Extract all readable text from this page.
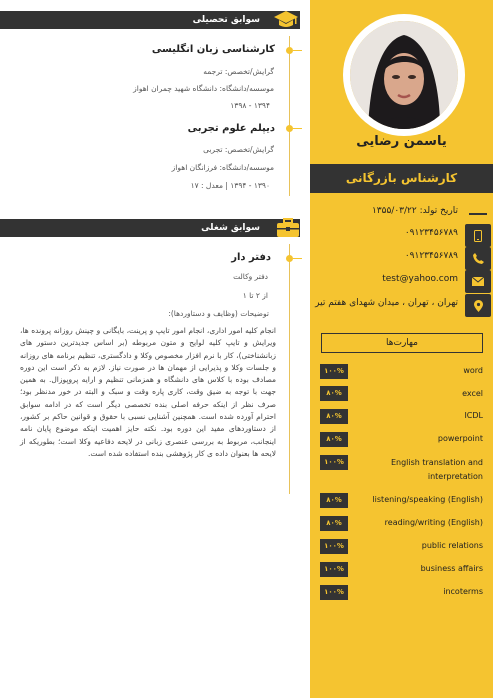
یاسمن رضایی
کارشناس بازرگانی
تاریخ تولد: ۱۳۵۵/۰۳/۲۲
۰۹۱۲۳۴۵۶۷۸۹
۰۹۱۲۳۴۵۶۷۸۹
test@yahoo.com
تهران ، تهران ، میدان شهدای هفتم تیر
مهارت‌ها
۱۰۰%	word
۸۰%	excel
۸۰%	ICDL
۸۰%	powerpoint
۱۰۰%	English translation and interpretation
۸۰%	listening/speaking (English)
۸۰%	reading/writing (English)
۱۰۰%	public relations
۱۰۰%	business affairs
۱۰۰%	incoterms
سوابق تحصیلی
کارشناسی زبان انگلیسی
گرایش/تخصص: ترجمه
موسسه/دانشگاه: دانشگاه شهید چمران اهواز
۱۳۹۴ - ۱۳۹۸
دیپلم علوم تجربی
گرایش/تخصص: تجربی
موسسه/دانشگاه: فرزانگان اهواز
۱۳۹۰ - ۱۳۹۴ | معدل : ۱۷
سوابق شغلی
دفتر دار
دفتر وکالت
از ۲ تا ۱
توضیحات (وظایف و دستاوردها):
انجام کلیه امور اداری، انجام امور تایپ و پرینت، بایگانی و چینش روزانه پرونده ها، ویرایش و تایپ کلیه لوایح و متون مربوطه (بر اساس جدیدترین دستور های زبانشناختی)، کار با نرم افزار مخصوص وکلا و دادگستری، تنظیم برنامه های روزانه و جلسات وکلا و پذیرایی از مهمان ها در صورت نیاز. لازم به ذکر است این دوره مصادف بوده با کلاس های دانشگاه و همزمانی تنظیم و ارایه پروپوزال. به همین جهت با توجه به ضیق وقت، کاری پاره وقت و سبک و البته در خور مدنظر بود؛ صرف نظر از اینکه حرفه اصلی بنده تخصصی دیگر است که در ادامه سوابق احترام آورده شده است. همچنین آشنایی نسبی با حقوق و قوانین حاکم بر کشور، از دستاوردهای مفید این دوره بود. نکته حایز اهمیت اینکه موضوع پایان نامه اینجانب، مربوط به بررسی عنصری زبانی در لایحه دفاعیه وکلا است؛ بطوریکه از لایحه ها بعنوان داده ی کار پژوهشی بنده استفاده شده است.
